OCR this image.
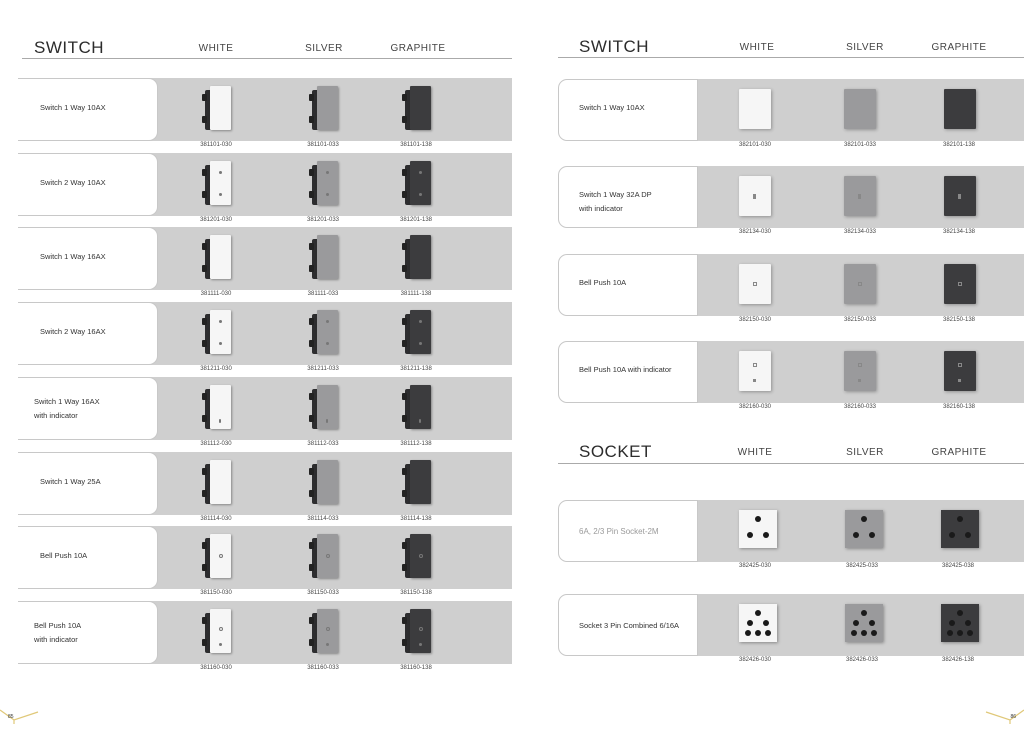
SWITCH	WHITE	SILVER	GRAPHITE
Switch 1 Way 10AX
381101-030	381101-033	381101-138
Switch 2 Way 10AX
381201-030	381201-033	381201-138
Switch 1 Way 16AX
381111-030	381111-033	381111-138
Switch 2 Way 16AX
381211-030	381211-033	381211-138
Switch 1 Way 16AX
with indicator
381112-030	381112-033	381112-138
Switch 1 Way 25A
381114-030	381114-033	381114-138
Bell Push 10A
381150-030	381150-033	381150-138
Bell Push 10A
with indicator
381160-030	381160-033	381160-138
85
SWITCH	WHITE	SILVER	GRAPHITE
Switch 1 Way 10AX
382101-030	382101-033	382101-138
Switch 1 Way 32A DP
with indicator
382134-030	382134-033	382134-138
Bell Push 10A
382150-030	382150-033	382150-138
Bell Push 10A with indicator
382160-030	382160-033	382160-138
SOCKET	WHITE	SILVER	GRAPHITE
6A, 2/3 Pin Socket-2M
382425-030	382425-033	382425-038
Socket 3 Pin Combined 6/16A
382426-030	382426-033	382426-138
86
